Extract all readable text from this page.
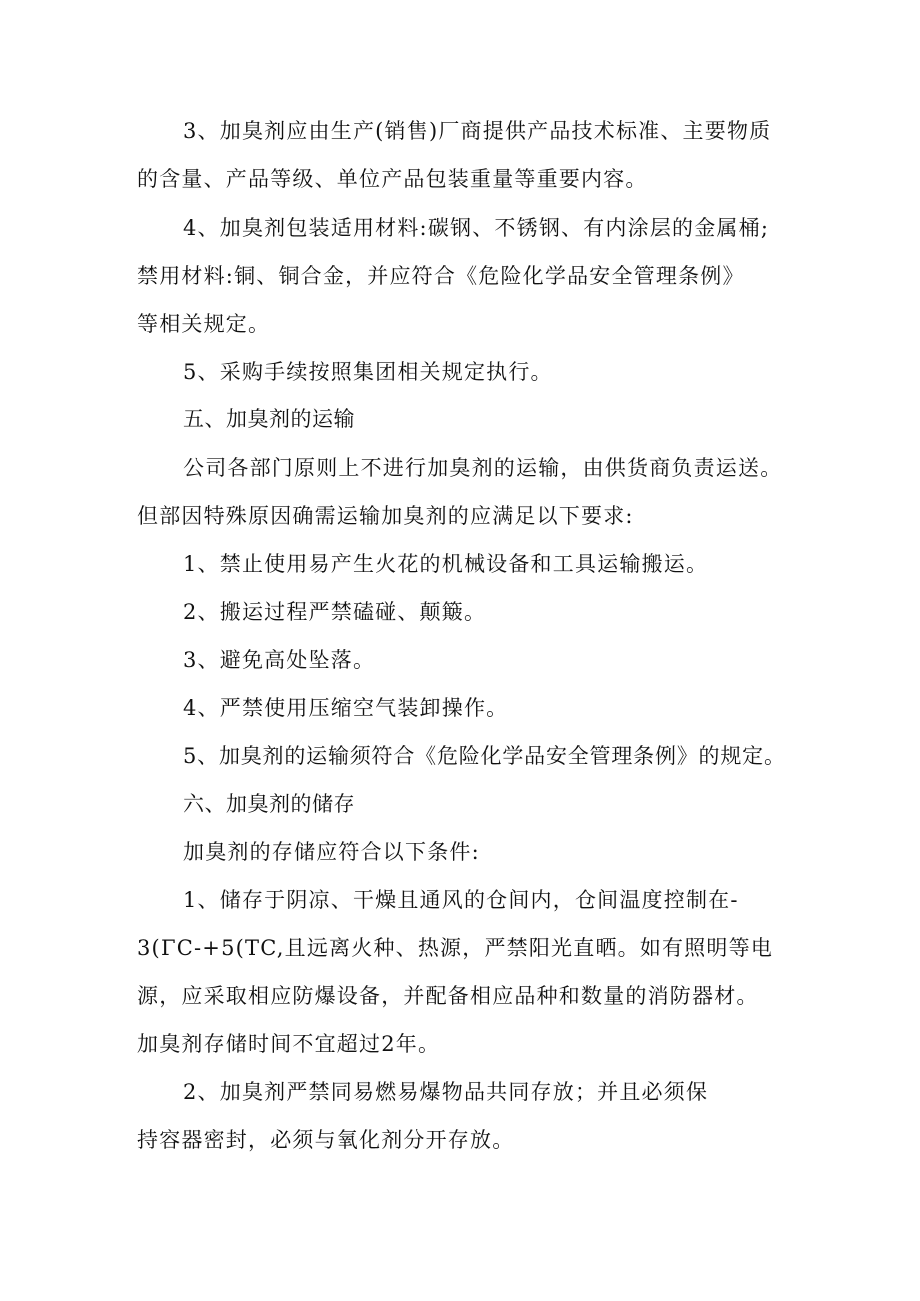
3、加臭剂应由生产(销售)厂商提供产品技术标准、主要物质

的含量、产品等级、单位产品包装重量等重要内容。

4、加臭剂包装适用材料:碳钢、不锈钢、有内涂层的金属桶;

禁用材料:铜、铜合金，并应符合《危险化学品安全管理条例》

等相关规定。

5、采购手续按照集团相关规定执行。

五、加臭剂的运输

公司各部门原则上不进行加臭剂的运输，由供货商负责运送。

但部因特殊原因确需运输加臭剂的应满足以下要求:

1、禁止使用易产生火花的机械设备和工具运输搬运。

2、搬运过程严禁磕碰、颠簸。

3、避免高处坠落。

4、严禁使用压缩空气装卸操作。

5、加臭剂的运输须符合《危险化学品安全管理条例》的规定。

六、加臭剂的储存

加臭剂的存储应符合以下条件:

1、储存于阴凉、干燥且通风的仓间内，仓间温度控制在-

3(ΓC-+5(TC,且远离火种、热源，严禁阳光直晒。如有照明等电

源，应采取相应防爆设备，并配备相应品种和数量的消防器材。

加臭剂存储时间不宜超过2年。

2、加臭剂严禁同易燃易爆物品共同存放；并且必须保

持容器密封，必须与氧化剂分开存放。
